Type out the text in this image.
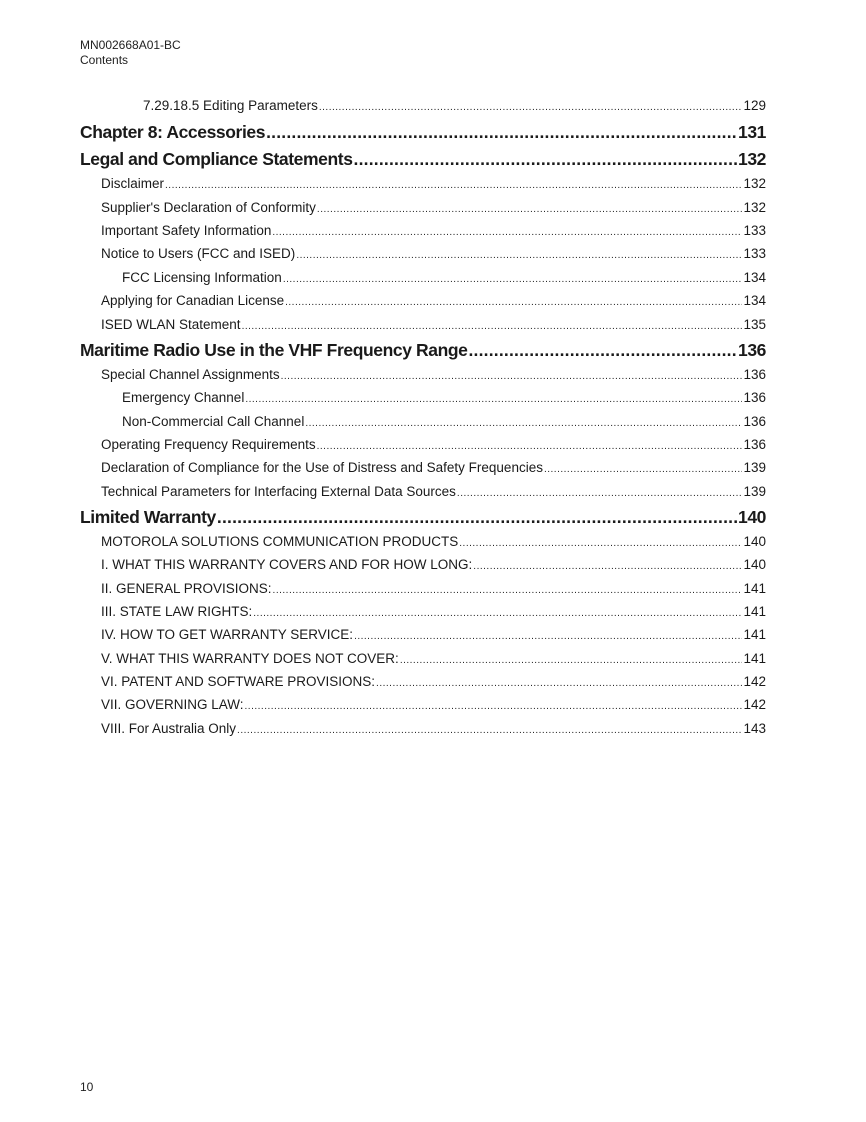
MN002668A01-BC
Contents
7.29.18.5 Editing Parameters .....	129
Chapter 8: Accessories .....	131
Legal and Compliance Statements .....	132
Disclaimer .....	132
Supplier's Declaration of Conformity .....	132
Important Safety Information .....	133
Notice to Users (FCC and ISED) .....	133
FCC Licensing Information .....	134
Applying for Canadian License .....	134
ISED WLAN Statement .....	135
Maritime Radio Use in the VHF Frequency Range .....	136
Special Channel Assignments .....	136
Emergency Channel .....	136
Non-Commercial Call Channel .....	136
Operating Frequency Requirements .....	136
Declaration of Compliance for the Use of Distress and Safety Frequencies .....	139
Technical Parameters for Interfacing External Data Sources .....	139
Limited Warranty .....	140
MOTOROLA SOLUTIONS COMMUNICATION PRODUCTS .....	140
I. WHAT THIS WARRANTY COVERS AND FOR HOW LONG: .....	140
II. GENERAL PROVISIONS: .....	141
III. STATE LAW RIGHTS: .....	141
IV. HOW TO GET WARRANTY SERVICE: .....	141
V. WHAT THIS WARRANTY DOES NOT COVER: .....	141
VI. PATENT AND SOFTWARE PROVISIONS: .....	142
VII. GOVERNING LAW: .....	142
VIII. For Australia Only .....	143
10
